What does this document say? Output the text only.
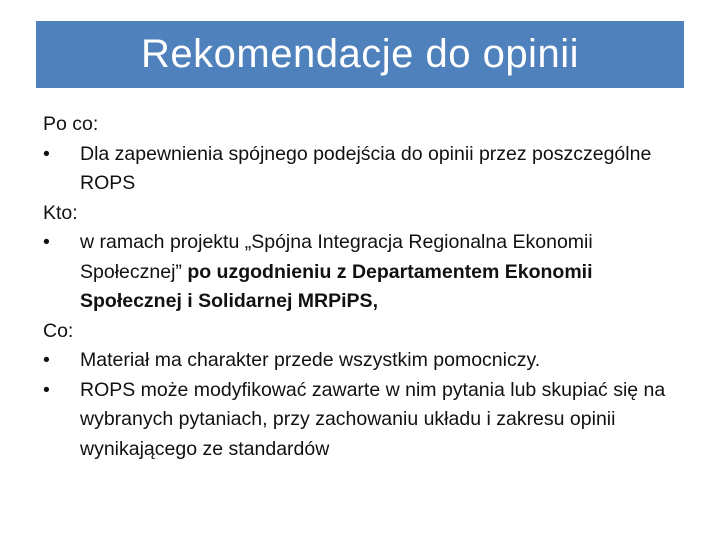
Rekomendacje do opinii
Po co:
•	Dla zapewnienia spójnego podejścia do opinii przez poszczególne ROPS
Kto:
•	w ramach projektu „Spójna Integracja Regionalna Ekonomii Społecznej” po uzgodnieniu z Departamentem Ekonomii Społecznej i Solidarnej MRPiPS,
Co:
•	Materiał ma charakter przede wszystkim pomocniczy.
•	ROPS może modyfikować zawarte w nim pytania lub skupiać się na wybranych pytaniach, przy zachowaniu układu i zakresu opinii wynikającego ze standardów
